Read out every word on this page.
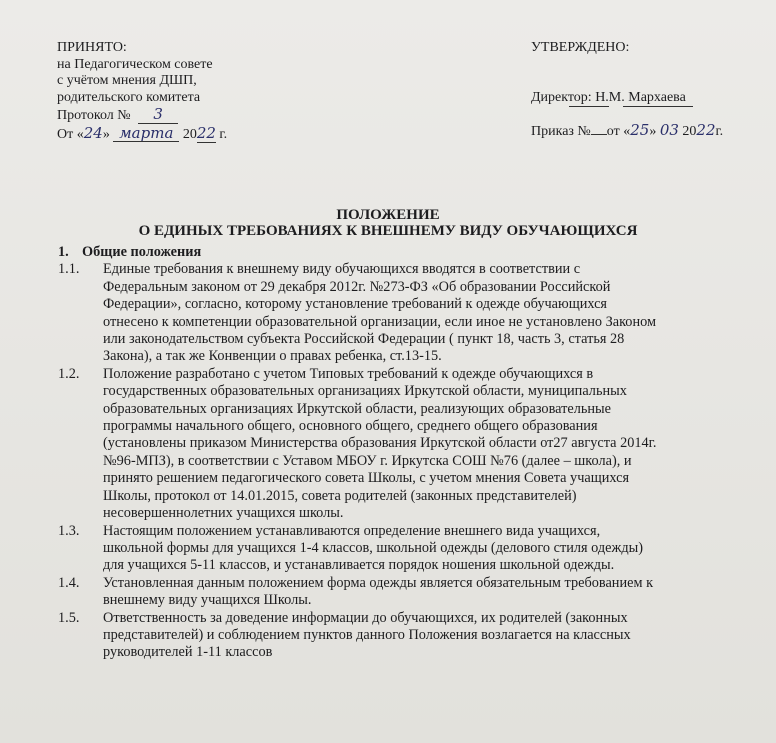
ПРИНЯТО:
на Педагогическом совете
с учётом мнения ДШП,
родительского комитета
Протокол № 3
От «24» марта 2022 г.
УТВЕРЖДЕНО:
Директор: Н.М. Мархаева
Приказ № от «25» 03 2022г.
ПОЛОЖЕНИЕ
О ЕДИНЫХ ТРЕБОВАНИЯХ К ВНЕШНЕМУ ВИДУ ОБУЧАЮЩИХСЯ
1. Общие положения
1.1. Единые требования к внешнему виду обучающихся вводятся в соответствии с
Федеральным законом от 29 декабря 2012г. №273-ФЗ «Об образовании Российской
Федерации», согласно, которому установление требований к одежде обучающихся
отнесено к компетенции образовательной организации, если иное не установлено Законом
или законодательством субъекта Российской Федерации ( пункт 18, часть 3, статья 28
Закона), а так же Конвенции о правах ребенка, ст.13-15.
1.2. Положение разработано с учетом Типовых требований к одежде обучающихся в
государственных образовательных организациях Иркутской области, муниципальных
образовательных организациях Иркутской области, реализующих образовательные
программы начального общего, основного общего, среднего общего образования
(установлены приказом Министерства образования Иркутской области от27 августа 2014г.
№96-МПЗ), в соответствии с Уставом МБОУ г. Иркутска СОШ №76 (далее – школа), и
принято решением педагогического совета Школы, с учетом мнения Совета учащихся
Школы, протокол от 14.01.2015, совета родителей (законных представителей)
несовершеннолетних учащихся школы.
1.3. Настоящим положением устанавливаются определение внешнего вида учащихся,
школьной формы для учащихся 1-4 классов, школьной одежды (делового стиля одежды)
для учащихся 5-11 классов, и устанавливается порядок ношения школьной одежды.
1.4. Установленная данным положением форма одежды является обязательным требованием к
внешнему виду учащихся Школы.
1.5. Ответственность за доведение информации до обучающихся, их родителей (законных
представителей) и соблюдением пунктов данного Положения возлагается на классных
руководителей 1-11 классов
